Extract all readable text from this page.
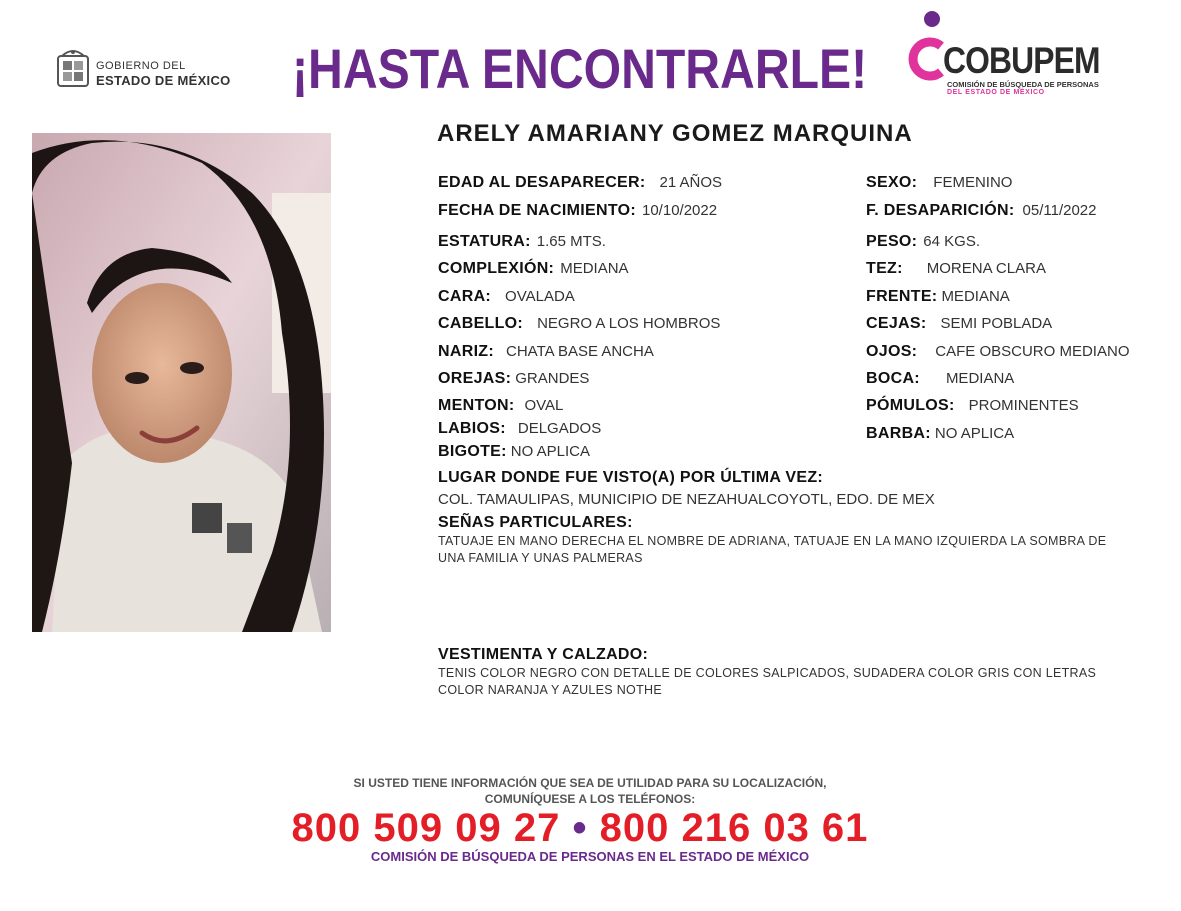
GOBIERNO DEL
ESTADO DE MÉXICO ¡HASTA ENCONTRARLE! COBUPEM
COMISIÓN DE BÚSQUEDA DE PERSONAS
DEL ESTADO DE MÉXICO
ARELY AMARIANY GOMEZ MARQUINA
EDAD AL DESAPARECER: 21 AÑOS
FECHA DE NACIMIENTO: 10/10/2022
ESTATURA: 1.65 MTS.
COMPLEXIÓN: MEDIANA
CARA: OVALADA
CABELLO: NEGRO A LOS HOMBROS
NARIZ: CHATA BASE ANCHA
OREJAS: GRANDES
MENTON: OVAL
LABIOS: DELGADOS
BIGOTE: NO APLICA
SEXO: FEMENINO
F. DESAPARICIÓN: 05/11/2022
PESO: 64 KGS.
TEZ: MORENA CLARA
FRENTE: MEDIANA
CEJAS: SEMI POBLADA
OJOS: CAFE OBSCURO MEDIANO
BOCA: MEDIANA
PÓMULOS: PROMINENTES
BARBA: NO APLICA
LUGAR DONDE FUE VISTO(A) POR ÚLTIMA VEZ:
COL. TAMAULIPAS, MUNICIPIO DE NEZAHUALCOYOTL, EDO. DE MEX
SEÑAS PARTICULARES:
TATUAJE EN MANO DERECHA EL NOMBRE DE ADRIANA, TATUAJE EN LA MANO IZQUIERDA LA SOMBRA DE
UNA FAMILIA Y UNAS PALMERAS
VESTIMENTA Y CALZADO:
TENIS COLOR NEGRO CON DETALLE DE COLORES SALPICADOS, SUDADERA COLOR GRIS CON LETRAS
COLOR NARANJA Y AZULES NOTHE
SI USTED TIENE INFORMACIÓN QUE SEA DE UTILIDAD PARA SU LOCALIZACIÓN,
COMUNÍQUESE A LOS TELÉFONOS:
800 509 09 27 • 800 216 03 61
COMISIÓN DE BÚSQUEDA DE PERSONAS EN EL ESTADO DE MÉXICO
